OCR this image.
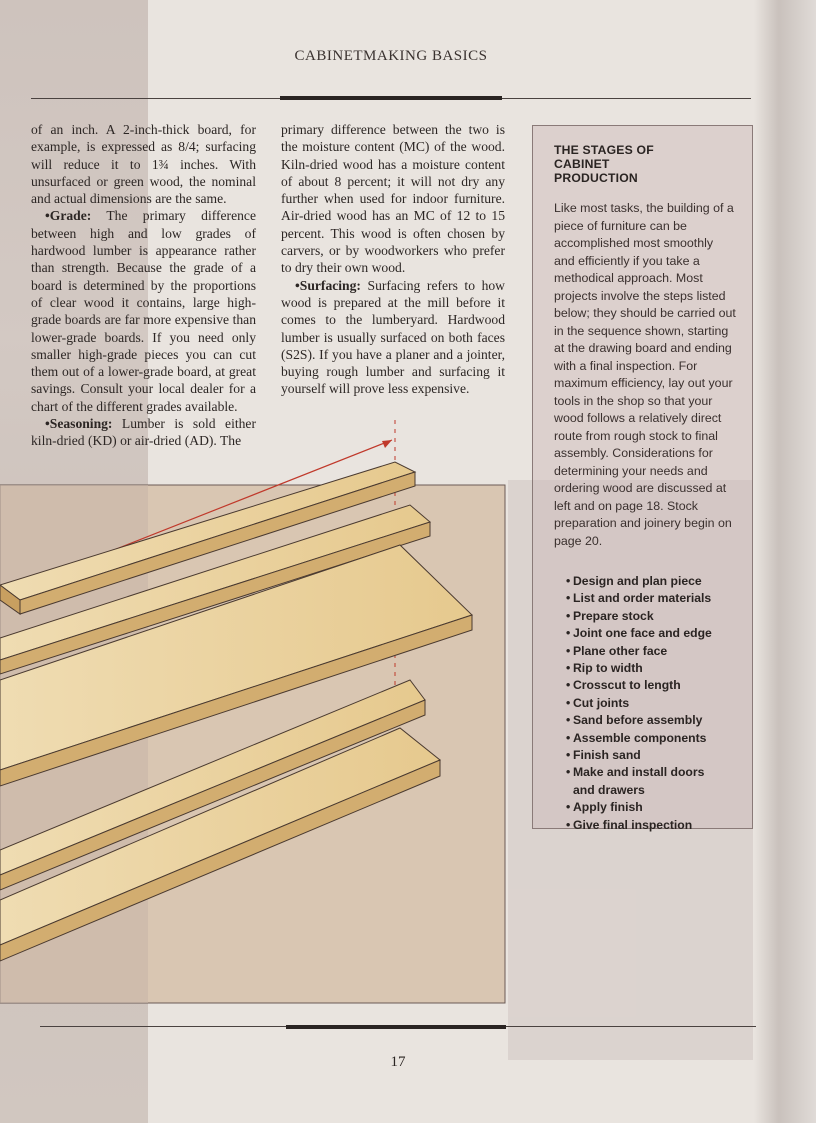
CABINETMAKING BASICS

of an inch. A 2-inch-thick board, for example, is expressed as 8/4; surfacing will reduce it to 1¾ inches. With unsurfaced or green wood, the nominal and actual dimensions are the same.

•Grade: The primary difference between high and low grades of hardwood lumber is appearance rather than strength. Because the grade of a board is determined by the proportions of clear wood it contains, large high-grade boards are far more expensive than lower-grade boards. If you need only smaller high-grade pieces you can cut them out of a lower-grade board, at great savings. Consult your local dealer for a chart of the different grades available.

•Seasoning: Lumber is sold either kiln-dried (KD) or air-dried (AD). The

primary difference between the two is the moisture content (MC) of the wood. Kiln-dried wood has a moisture content of about 8 percent; it will not dry any further when used for indoor furniture. Air-dried wood has an MC of 12 to 15 percent. This wood is often chosen by carvers, or by woodworkers who prefer to dry their own wood.

•Surfacing: Surfacing refers to how wood is prepared at the mill before it comes to the lumberyard. Hardwood lumber is usually surfaced on both faces (S2S). If you have a planer and a jointer, buying rough lumber and surfacing it yourself will prove less expensive.

THE STAGES OF CABINET PRODUCTION
Like most tasks, the building of a piece of furniture can be accomplished most smoothly and efficiently if you take a methodical approach. Most projects involve the steps listed below; they should be carried out in the sequence shown, starting at the drawing board and ending with a final inspection. For maximum efficiency, lay out your tools in the shop so that your wood follows a relatively direct route from rough stock to final assembly. Considerations for determining your needs and ordering wood are discussed at left and on page 18. Stock preparation and joinery begin on page 20.
• Design and plan piece
• List and order materials
• Prepare stock
• Joint one face and edge
• Plane other face
• Rip to width
• Crosscut to length
• Cut joints
• Sand before assembly
• Assemble components
• Finish sand
• Make and install doors
and drawers
• Apply finish
• Give final inspection
17
